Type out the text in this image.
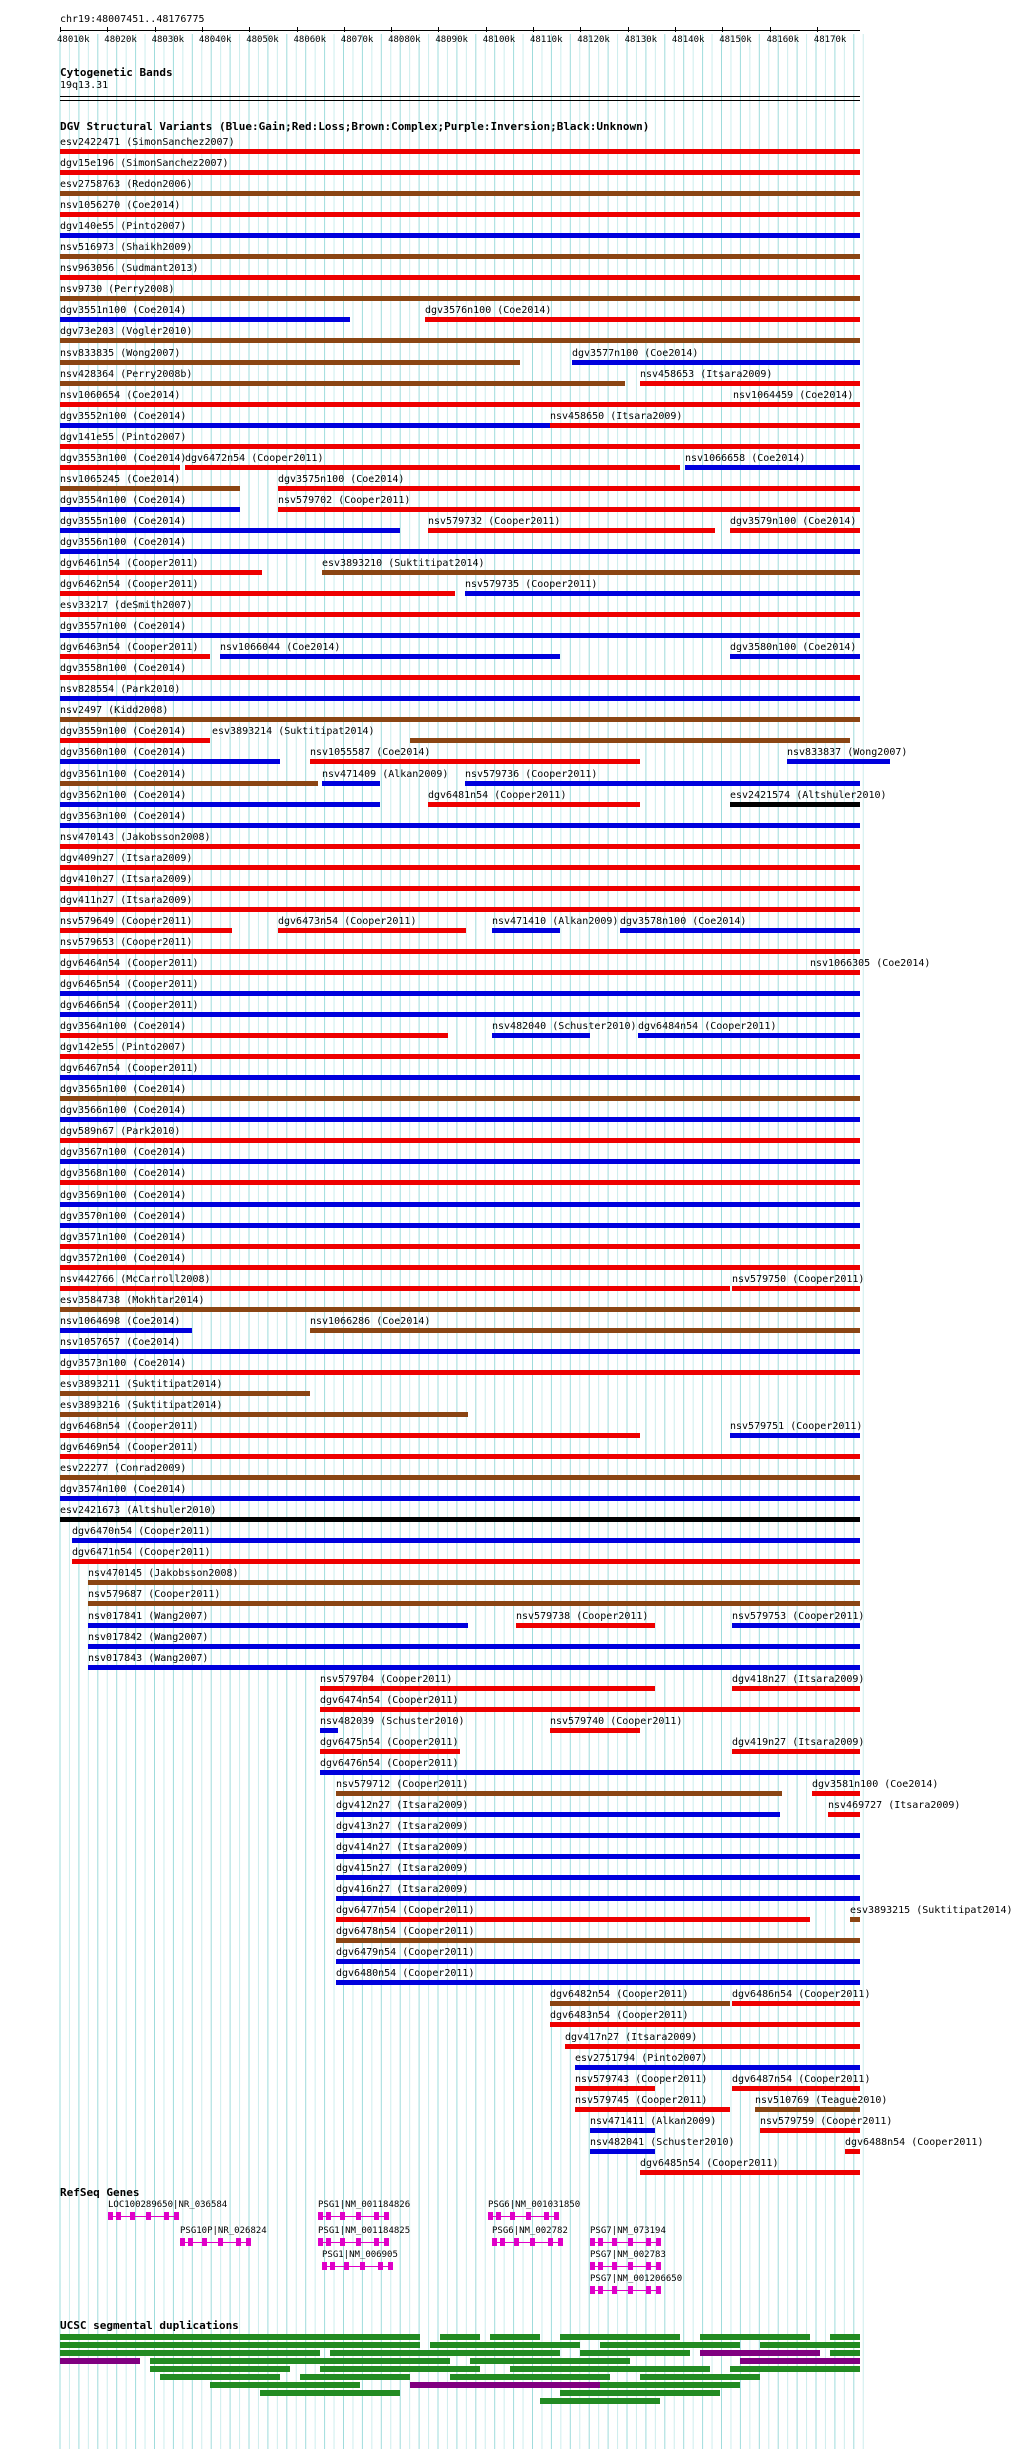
chr19:48007451..48176775
48010k 48020k 48030k 48040k 48050k 48060k 48070k 48080k 48090k 48100k 48110k 48120k 48130k 48140k 48150k 48160k 48170k
Cytogenetic Bands
19q13.31
DGV Structural Variants (Blue:Gain;Red:Loss;Brown:Complex;Purple:Inversion;Black:Unknown)
esv2422471 (SimonSanchez2007)
dgv15e196 (SimonSanchez2007)
esv2758763 (Redon2006)
nsv1056270 (Coe2014)
dgv140e55 (Pinto2007)
nsv516973 (Shaikh2009)
nsv963056 (Sudmant2013)
nsv9730 (Perry2008)
dgv3551n100 (Coe2014)	dgv3576n100 (Coe2014)
dgv73e203 (Vogler2010)
nsv833835 (Wong2007)	dgv3577n100 (Coe2014)
nsv428364 (Perry2008b)	nsv458653 (Itsara2009)
nsv1060654 (Coe2014)	nsv1064459 (Coe2014)
dgv3552n100 (Coe2014)	nsv458650 (Itsara2009)
dgv141e55 (Pinto2007)
dgv3553n100 (Coe2014)
dgv6472n54 (Cooper2011)	nsv1066658 (Coe2014)
nsv1065245 (Coe2014)	dgv3575n100 (Coe2014)
dgv3554n100 (Coe2014)	nsv579702 (Cooper2011)
dgv3555n100 (Coe2014)	nsv579732 (Cooper2011)	dgv3579n100 (Coe2014)
dgv3556n100 (Coe2014)
dgv6461n54 (Cooper2011)	esv3893210 (Suktitipat2014)
dgv6462n54 (Cooper2011)	nsv579735 (Cooper2011)
esv33217 (deSmith2007)
dgv3557n100 (Coe2014)
dgv6463n54 (Cooper2011) nsv1066044 (Coe2014)	dgv3580n100 (Coe2014)
dgv3558n100 (Coe2014)
nsv828554 (Park2010)
nsv2497 (Kidd2008)
dgv3559n100 (Coe2014)	esv3893214 (Suktitipat2014)
dgv3560n100 (Coe2014)	nsv1055587 (Coe2014)	nsv833837 (Wong2007)
dgv3561n100 (Coe2014)	nsv471409 (Alkan2009) nsv579736 (Cooper2011)
dgv3562n100 (Coe2014)	dgv6481n54 (Cooper2011)	esv2421574 (Altshuler2010)
dgv3563n100 (Coe2014)
nsv470143 (Jakobsson2008)
dgv409n27 (Itsara2009)
dgv410n27 (Itsara2009)
dgv411n27 (Itsara2009)
nsv579649 (Cooper2011)	dgv6473n54 (Cooper2011)	nsv471410 (Alkan2009) dgv3578n100 (Coe2014)
nsv579653 (Cooper2011)
dgv6464n54 (Cooper2011)	nsv1066305 (Coe2014)
dgv6465n54 (Cooper2011)
dgv6466n54 (Cooper2011)
dgv3564n100 (Coe2014)	nsv482040 (Schuster2010) dgv6484n54 (Cooper2011)
dgv142e55 (Pinto2007)
dgv6467n54 (Cooper2011)
dgv3565n100 (Coe2014)
dgv3566n100 (Coe2014)
dgv589n67 (Park2010)
dgv3567n100 (Coe2014)
dgv3568n100 (Coe2014)
dgv3569n100 (Coe2014)
dgv3570n100 (Coe2014)
dgv3571n100 (Coe2014)
dgv3572n100 (Coe2014)
nsv442766 (McCarroll2008)	nsv579750 (Cooper2011)
esv3584738 (Mokhtar2014)
nsv1064698 (Coe2014)	nsv1066286 (Coe2014)
nsv1057657 (Coe2014)
dgv3573n100 (Coe2014)
esv3893211 (Suktitipat2014)
esv3893216 (Suktitipat2014)
dgv6468n54 (Cooper2011)	nsv579751 (Cooper2011)
dgv6469n54 (Cooper2011)
esv22277 (Conrad2009)
dgv3574n100 (Coe2014)
esv2421673 (Altshuler2010)
dgv6470n54 (Cooper2011)
dgv6471n54 (Cooper2011)
nsv470145 (Jakobsson2008)
nsv579687 (Cooper2011)
nsv017841 (Wang2007)	nsv579738 (Cooper2011)	nsv579753 (Cooper2011)
nsv017842 (Wang2007)
nsv017843 (Wang2007)
nsv579704 (Cooper2011)	dgv418n27 (Itsara2009)
dgv6474n54 (Cooper2011)
nsv482039 (Schuster2010)	nsv579740 (Cooper2011)
dgv6475n54 (Cooper2011)	dgv419n27 (Itsara2009)
dgv6476n54 (Cooper2011)
nsv579712 (Cooper2011)	dgv3581n100 (Coe2014)
dgv412n27 (Itsara2009)	nsv469727 (Itsara2009)
dgv413n27 (Itsara2009)
dgv414n27 (Itsara2009)
dgv415n27 (Itsara2009)
dgv416n27 (Itsara2009)
dgv6477n54 (Cooper2011)	esv3893215 (Suktitipat2014)
dgv6478n54 (Cooper2011)
dgv6479n54 (Cooper2011)
dgv6480n54 (Cooper2011)
dgv6482n54 (Cooper2011)	dgv6486n54 (Cooper2011)
dgv6483n54 (Cooper2011)
dgv417n27 (Itsara2009)
esv2751794 (Pinto2007)
nsv579743 (Cooper2011) dgv6487n54 (Cooper2011)
nsv579745 (Cooper2011)	nsv510769 (Teague2010)
nsv471411 (Alkan2009)	nsv579759 (Cooper2011)
nsv482041 (Schuster2010)	dgv6488n54 (Cooper2011)
dgv6485n54 (Cooper2011)
RefSeq Genes
LOC100289650|NR_036584
PSG10P|NR_026824
PSG1|NM_001184826
PSG1|NM_001184825
PSG1|NM_006905
PSG6|NM_001031850
PSG6|NM_002782 PSG7|NM_073194
PSG7|NM_002783
PSG7|NM_001206650
UCSC segmental duplications
